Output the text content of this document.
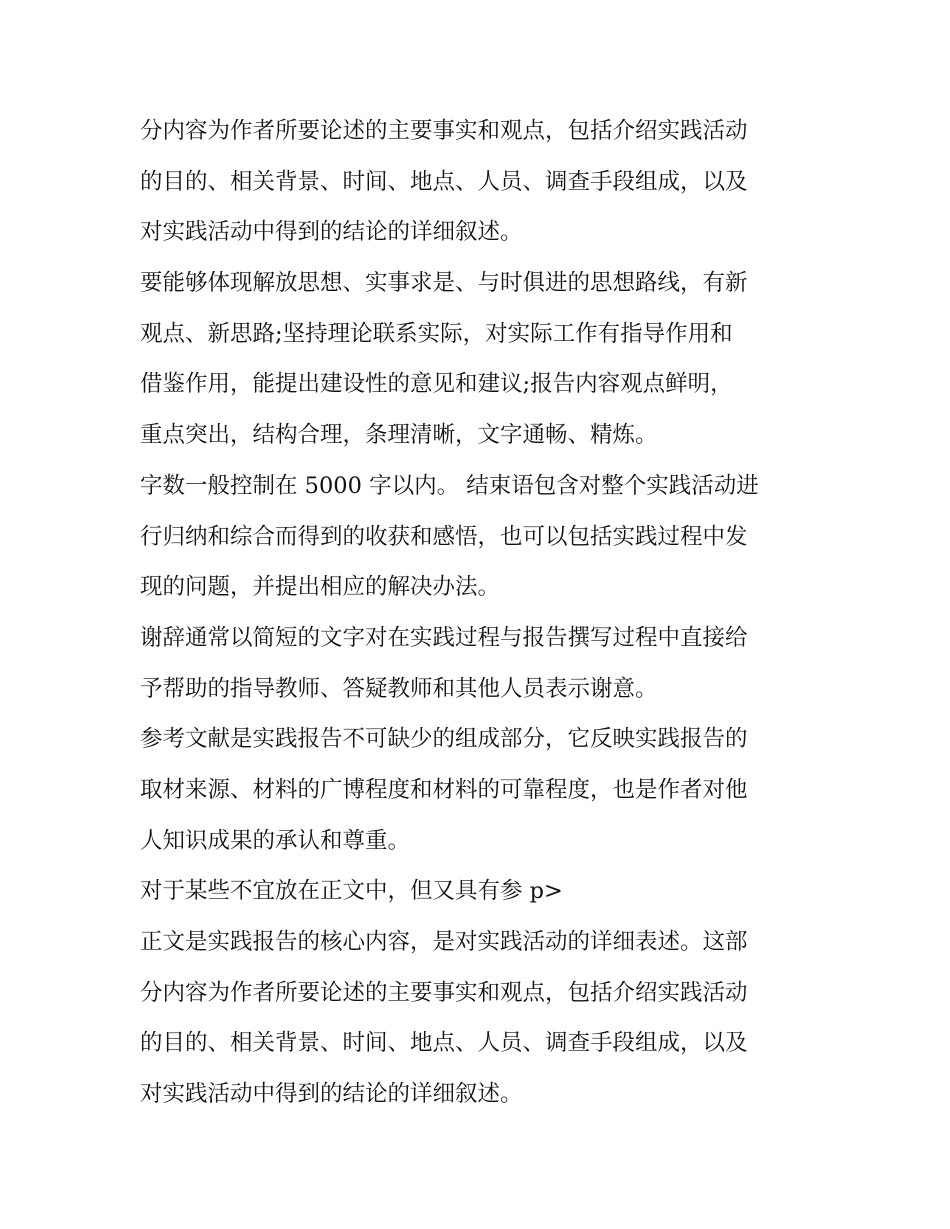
分内容为作者所要论述的主要事实和观点，包括介绍实践活动
的目的、相关背景、时间、地点、人员、调查手段组成，以及
对实践活动中得到的结论的详细叙述。
要能够体现解放思想、实事求是、与时俱进的思想路线，有新
观点、新思路;坚持理论联系实际，对实际工作有指导作用和
借鉴作用，能提出建设性的意见和建议;报告内容观点鲜明，
重点突出，结构合理，条理清晰，文字通畅、精炼。
字数一般控制在 5000 字以内。 结束语包含对整个实践活动进
行归纳和综合而得到的收获和感悟，也可以包括实践过程中发
现的问题，并提出相应的解决办法。
谢辞通常以简短的文字对在实践过程与报告撰写过程中直接给
予帮助的指导教师、答疑教师和其他人员表示谢意。
参考文献是实践报告不可缺少的组成部分，它反映实践报告的
取材来源、材料的广博程度和材料的可靠程度，也是作者对他
人知识成果的承认和尊重。
对于某些不宜放在正文中，但又具有参 p>
正文是实践报告的核心内容，是对实践活动的详细表述。这部
分内容为作者所要论述的主要事实和观点，包括介绍实践活动
的目的、相关背景、时间、地点、人员、调查手段组成，以及
对实践活动中得到的结论的详细叙述。
